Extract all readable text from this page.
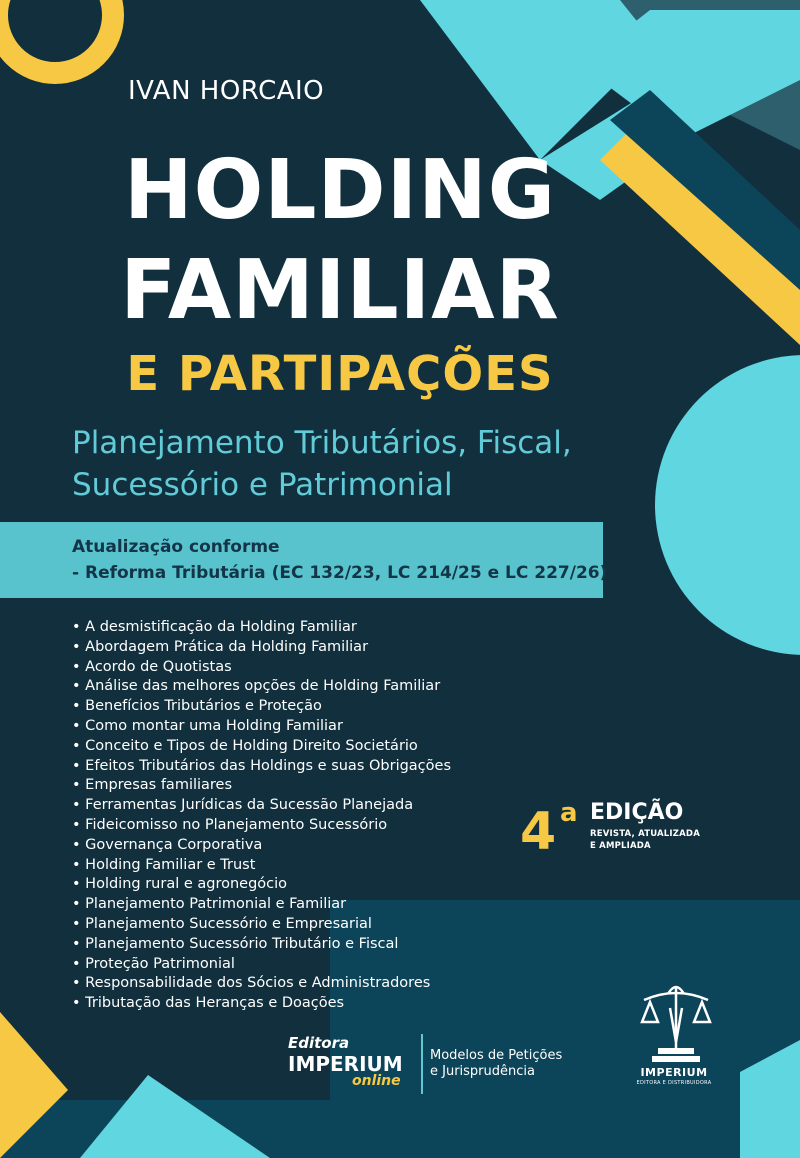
IVAN HORCAIO
HOLDING
FAMILIAR
E PARTIPAÇÕES
Planejamento Tributários, Fiscal,
Sucessório e Patrimonial
Atualização conforme
- Reforma Tributária (EC 132/23, LC 214/25 e LC 227/26)
• A desmistificação da Holding Familiar
• Abordagem Prática da Holding Familiar
• Acordo de Quotistas
• Análise das melhores opções de Holding Familiar
• Benefícios Tributários e Proteção
• Como montar uma Holding Familiar
• Conceito e Tipos de Holding Direito Societário
• Efeitos Tributários das Holdings e suas Obrigações
• Empresas familiares
• Ferramentas Jurídicas da Sucessão Planejada
• Fideicomisso no Planejamento Sucessório
• Governança Corporativa
• Holding Familiar e Trust
• Holding rural e agronegócio
• Planejamento Patrimonial e Familiar
• Planejamento Sucessório e Empresarial
• Planejamento Sucessório Tributário e Fiscal
• Proteção Patrimonial
• Responsabilidade dos Sócios e Administradores
• Tributação das Heranças e Doações
4 a EDIÇÃO
REVISTA, ATUALIZADA
E AMPLIADA
Editora
IMPERIUM
online
Modelos de Petições
e Jurisprudência	IMPERIUM
EDITORA E DISTRIBUIDORA
